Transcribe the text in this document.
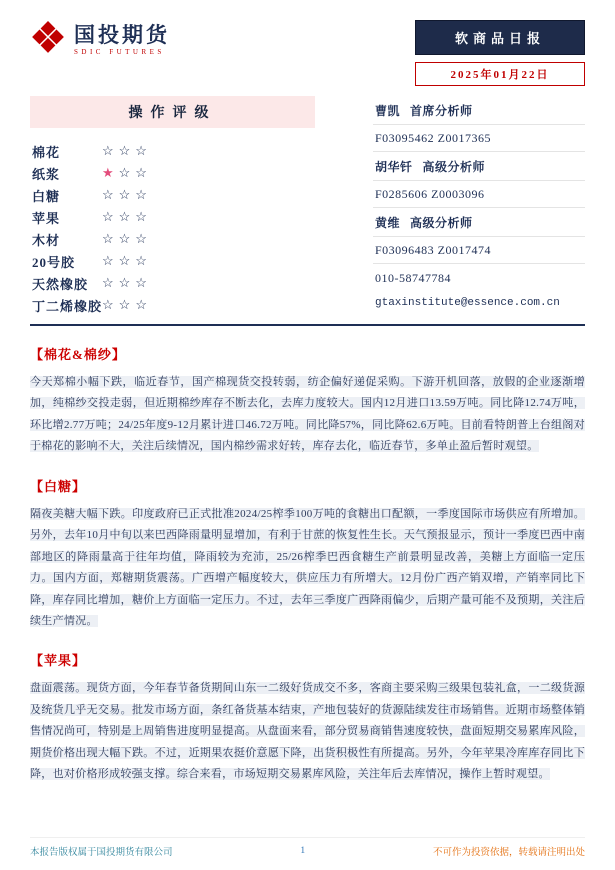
国投期货
SDIC FUTURES
软商品日报
2025年01月22日
操作评级
棉花	☆☆☆
纸浆	★☆☆
白糖	☆☆☆
苹果	☆☆☆
木材	☆☆☆
20号胶	☆☆☆
天然橡胶	☆☆☆
丁二烯橡胶 ☆☆☆
曹凯 首席分析师
F03095462 Z0017365
胡华钎 高级分析师
F0285606 Z0003096
黄维 高级分析师
F03096483 Z0017474
010-58747784
gtaxinstitute@essence.com.cn
【棉花&棉纱】

今天郑棉小幅下跌，临近春节，国产棉现货交投转弱，纺企偏好递促采购。下游开机回落，放假的企业逐渐增加，纯棉纱交投走弱，但近期棉纱库存不断去化，去库力度较大。国内12月进口13.59万吨。同比降12.74万吨，环比增2.77万吨；24/25年度9-12月累计进口46.72万吨。同比降57%，同比降62.6万吨。目前看特朗普上台组阁对于棉花的影响不大，关注后续情况，国内棉纱需求好转，库存去化，临近春节，多单止盈后暂时观望。

【白糖】

隔夜美糖大幅下跌。印度政府已正式批准2024/25榨季100万吨的食糖出口配额，一季度国际市场供应有所增加。另外，去年10月中旬以来巴西降雨量明显增加，有利于甘蔗的恢复性生长。天气预报显示，预计一季度巴西中南部地区的降雨量高于往年均值，降雨较为充沛，25/26榨季巴西食糖生产前景明显改善，美糖上方面临一定压力。国内方面，郑糖期货震荡。广西增产幅度较大，供应压力有所增大。12月份广西产销双增，产销率同比下降，库存同比增加，糖价上方面临一定压力。不过，去年三季度广西降雨偏少，后期产量可能不及预期，关注后续生产情况。

【苹果】

盘面震荡。现货方面，今年春节备货期间山东一二级好货成交不多，客商主要采购三级果包装礼盒，一二级货源及统货几乎无交易。批发市场方面，条红备货基本结束，产地包装好的货源陆续发往市场销售。近期市场整体销售情况尚可，特别是上周销售进度明显提高。从盘面来看，部分贸易商销售速度较快，盘面短期交易累库风险，期货价格出现大幅下跌。不过，近期果农挺价意愿下降，出货积极性有所提高。另外，今年苹果冷库库存同比下降，也对价格形成较强支撑。综合来看，市场短期交易累库风险，关注年后去库情况，操作上暂时观望。

本报告版权属于国投期货有限公司	1	不可作为投资依据，转载请注明出处
